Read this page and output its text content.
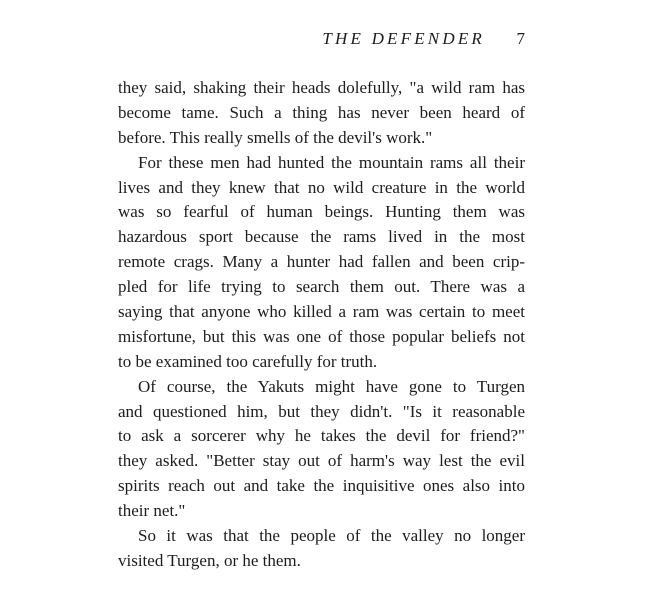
THE DEFENDER 7
they said, shaking their heads dolefully, "a wild ram has
become tame. Such a thing has never been heard of
before. This really smells of the devil's work."
For these men had hunted the mountain rams all their
lives and they knew that no wild creature in the world
was so fearful of human beings. Hunting them was
hazardous sport because the rams lived in the most
remote crags. Many a hunter had fallen and been crip-
pled for life trying to search them out. There was a
saying that anyone who killed a ram was certain to meet
misfortune, but this was one of those popular beliefs not
to be examined too carefully for truth.
Of course, the Yakuts might have gone to Turgen
and questioned him, but they didn't. "Is it reasonable
to ask a sorcerer why he takes the devil for friend?"
they asked. "Better stay out of harm's way lest the evil
spirits reach out and take the inquisitive ones also into
their net."
So it was that the people of the valley no longer
visited Turgen, or he them.
